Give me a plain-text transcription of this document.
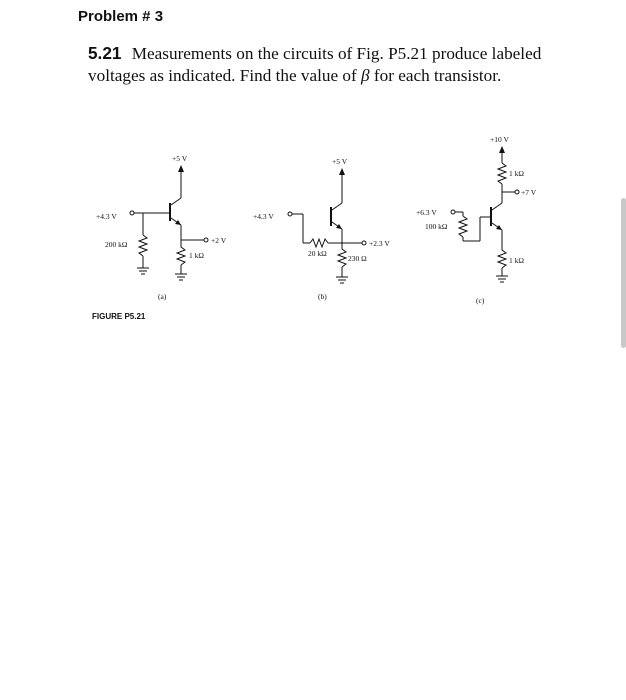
Problem # 3
5.21 Measurements on the circuits of Fig. P5.21 produce labeled voltages as indicated. Find the value of β for each transistor.
+5 V
+4.3 V
200 kΩ	+2 V
1 kΩ
(a)
+5 V
+4.3 V
20 kΩ
+2.3 V
230 Ω
(b)
+10 V
1 kΩ
+7 V
+6.3 V
100 kΩ
1 kΩ
(c)
FIGURE P5.21
